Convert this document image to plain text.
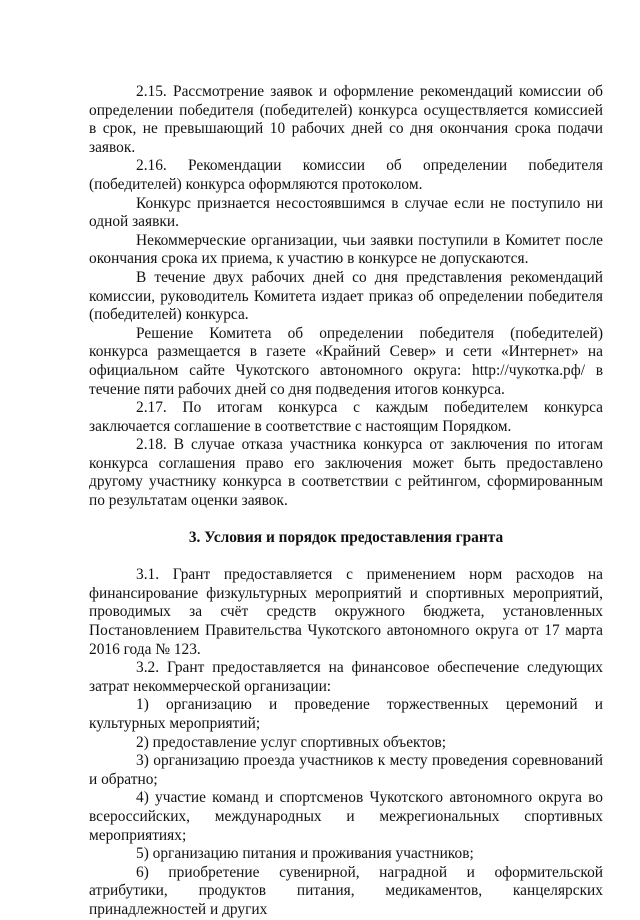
2.15. Рассмотрение заявок и оформление рекомендаций комиссии об определении победителя (победителей) конкурса осуществляется комиссией в срок, не превышающий 10 рабочих дней со дня окончания срока подачи заявок.

2.16. Рекомендации комиссии об определении победителя (победителей) конкурса оформляются протоколом.

Конкурс признается несостоявшимся в случае если не поступило ни одной заявки.

Некоммерческие организации, чьи заявки поступили в Комитет после окончания срока их приема, к участию в конкурсе не допускаются.

В течение двух рабочих дней со дня представления рекомендаций комиссии, руководитель Комитета издает приказ об определении победителя (победителей) конкурса.

Решение Комитета об определении победителя (победителей) конкурса размещается в газете «Крайний Север» и сети «Интернет» на официальном сайте Чукотского автономного округа: http://чукотка.рф/ в течение пяти рабочих дней со дня подведения итогов конкурса.

2.17. По итогам конкурса с каждым победителем конкурса заключается соглашение в соответствие с настоящим Порядком.

2.18. В случае отказа участника конкурса от заключения по итогам конкурса соглашения право его заключения может быть предоставлено другому участнику конкурса в соответствии с рейтингом, сформированным по результатам оценки заявок.

3. Условия и порядок предоставления гранта

3.1. Грант предоставляется с применением норм расходов на финансирование физкультурных мероприятий и спортивных мероприятий, проводимых за счёт средств окружного бюджета, установленных Постановлением Правительства Чукотского автономного округа от 17 марта 2016 года № 123.

3.2. Грант предоставляется на финансовое обеспечение следующих затрат некоммерческой организации:

1) организацию и проведение торжественных церемоний и культурных мероприятий;

2) предоставление услуг спортивных объектов;

3) организацию проезда участников к месту проведения соревнований и обратно;

4) участие команд и спортсменов Чукотского автономного округа во всероссийских, международных и межрегиональных спортивных мероприятиях;

5) организацию питания и проживания участников;

6) приобретение сувенирной, наградной и оформительской атрибутики, продуктов питания, медикаментов, канцелярских принадлежностей и других
